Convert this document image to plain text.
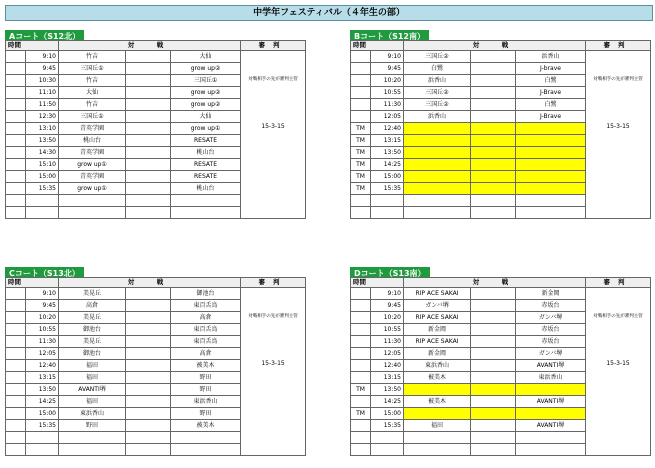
中学年フェスティバル（４年生の部）
Aコート（S12北）
時間		対　戦			審判
	9:10	竹吉		大仙	対戦相手の先が審判主管
15-3-15

	9:45	三国丘①		grow up②	
	10:30	竹吉		三国丘①	
	11:10	大仙		grow up②	
	11:50	竹吉		grow up②	
	12:30	三国丘①		大仙	
	13:10	青英学園		grow up①	
	13:50	桃山台		RESATE	
	14:30	青英学園		桃山台	
	15:10	grow up①		RESATE	
	15:00	青英学園		RESATE	
	15:35	grow up①		桃山台	

Bコート（S12南）
時間		対　戦			審判
	9:10	三国丘②		浜香山	対戦相手の先が審判主管
15-3-15

	9:45	白鷺		J-brave	
	10:20	浜香山		白鷺	
	10:55	三国丘②		J-Brave	
	11:30	三国丘②		白鷺	
	12:05	浜香山		J-Brave	
TM	12:40				
TM	13:15				
TM	13:50				
TM	14:25				
TM	15:00				
TM	15:35				

Cコート（S13北）
時間		対　戦			審判
	9:10	美晃丘		御池台	対戦相手の先が審判主管
15-3-15

	9:45	高倉		東百舌鳥	
	10:20	美晃丘		高倉	
	10:55	御池台		東百舌鳥	
	11:30	美晃丘		東百舌鳥	
	12:05	御池台		高倉	
	12:40	福田		被美木	
	13:15	福田		野田	
	13:50	AVANTI堺		野田	
	14:25	福田		東浜香山	
	15:00	東浜香山		野田	
	15:35	野田		被美木	

Dコート（S13南）
時間		対　戦			審判
	9:10	RIP ACE SAKAI		新金岡	対戦相手の先が審判主管
15-3-15

	9:45	ガンバ堺		赤坂台	
	10:20	RIP ACE SAKAI		ガンバ堺	
	10:55	新金岡		赤坂台	
	11:30	RIP ACE SAKAI		赤坂台	
	12:05	新金岡		ガンバ堺	
	12:40	東浜香山		AVANTI堺	
	13:15	被美木		東浜香山	
TM	13:50				
	14:25	被美木		AVANTI堺	
TM	15:00				
	15:35	福田		AVANTI堺	
